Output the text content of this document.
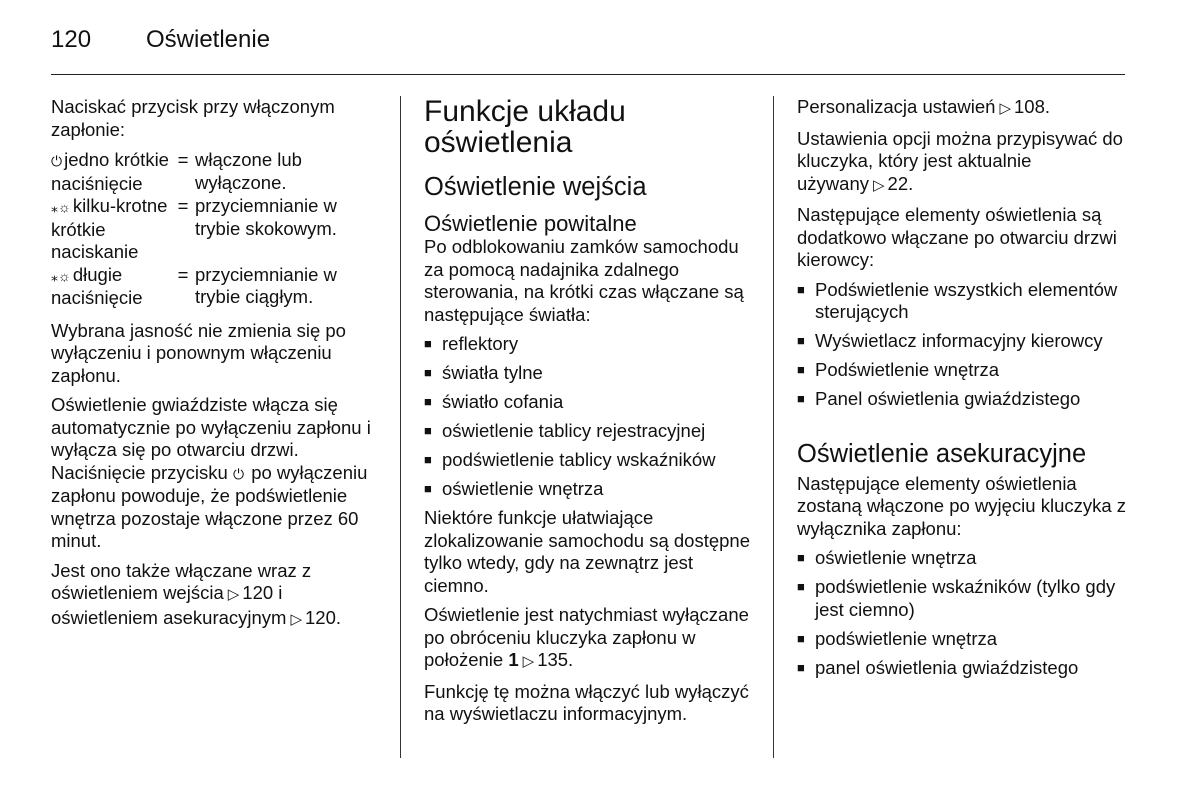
120 Oświetlenie

Naciskać przycisk przy włączonym zapłonie:

⏻ jedno krótkie naciśnięcie
= włączone lub wyłączone.
⁎☼ kilku-krotne krótkie naciskanie
= przyciemnianie w trybie skokowym.
⁎☼ długie naciśnięcie
= przyciemnianie w trybie ciągłym.

Wybrana jasność nie zmienia się po wyłączeniu i ponownym włączeniu zapłonu.

Oświetlenie gwiaździste włącza się automatycznie po wyłączeniu zapłonu i wyłącza się po otwarciu drzwi. Naciśnięcie przycisku ⏻ po wyłączeniu zapłonu powoduje, że podświetlenie wnętrza pozostaje włączone przez 60 minut.

Jest ono także włączane wraz z oświetleniem wejścia ▷ 120 i oświetleniem asekuracyjnym ▷ 120.

Funkcje układu oświetlenia
Oświetlenie wejścia
Oświetlenie powitalne

Po odblokowaniu zamków samochodu za pomocą nadajnika zdalnego sterowania, na krótki czas włączane są następujące światła:

■ reflektory
■ światła tylne
■ światło cofania
■ oświetlenie tablicy rejestracyjnej
■ podświetlenie tablicy wskaźników
■ oświetlenie wnętrza

Niektóre funkcje ułatwiające zlokalizowanie samochodu są dostępne tylko wtedy, gdy na zewnątrz jest ciemno.

Oświetlenie jest natychmiast wyłączane po obróceniu kluczyka zapłonu w położenie 1 ▷ 135.

Funkcję tę można włączyć lub wyłączyć na wyświetlaczu informacyjnym.

Personalizacja ustawień ▷ 108.

Ustawienia opcji można przypisywać do kluczyka, który jest aktualnie używany ▷ 22.

Następujące elementy oświetlenia są dodatkowo włączane po otwarciu drzwi kierowcy:

■ Podświetlenie wszystkich elementów sterujących
■ Wyświetlacz informacyjny kierowcy
■ Podświetlenie wnętrza
■ Panel oświetlenia gwiaździstego
Oświetlenie asekuracyjne

Następujące elementy oświetlenia zostaną włączone po wyjęciu kluczyka z wyłącznika zapłonu:

■ oświetlenie wnętrza
■ podświetlenie wskaźników (tylko gdy jest ciemno)
■ podświetlenie wnętrza
■ panel oświetlenia gwiaździstego
